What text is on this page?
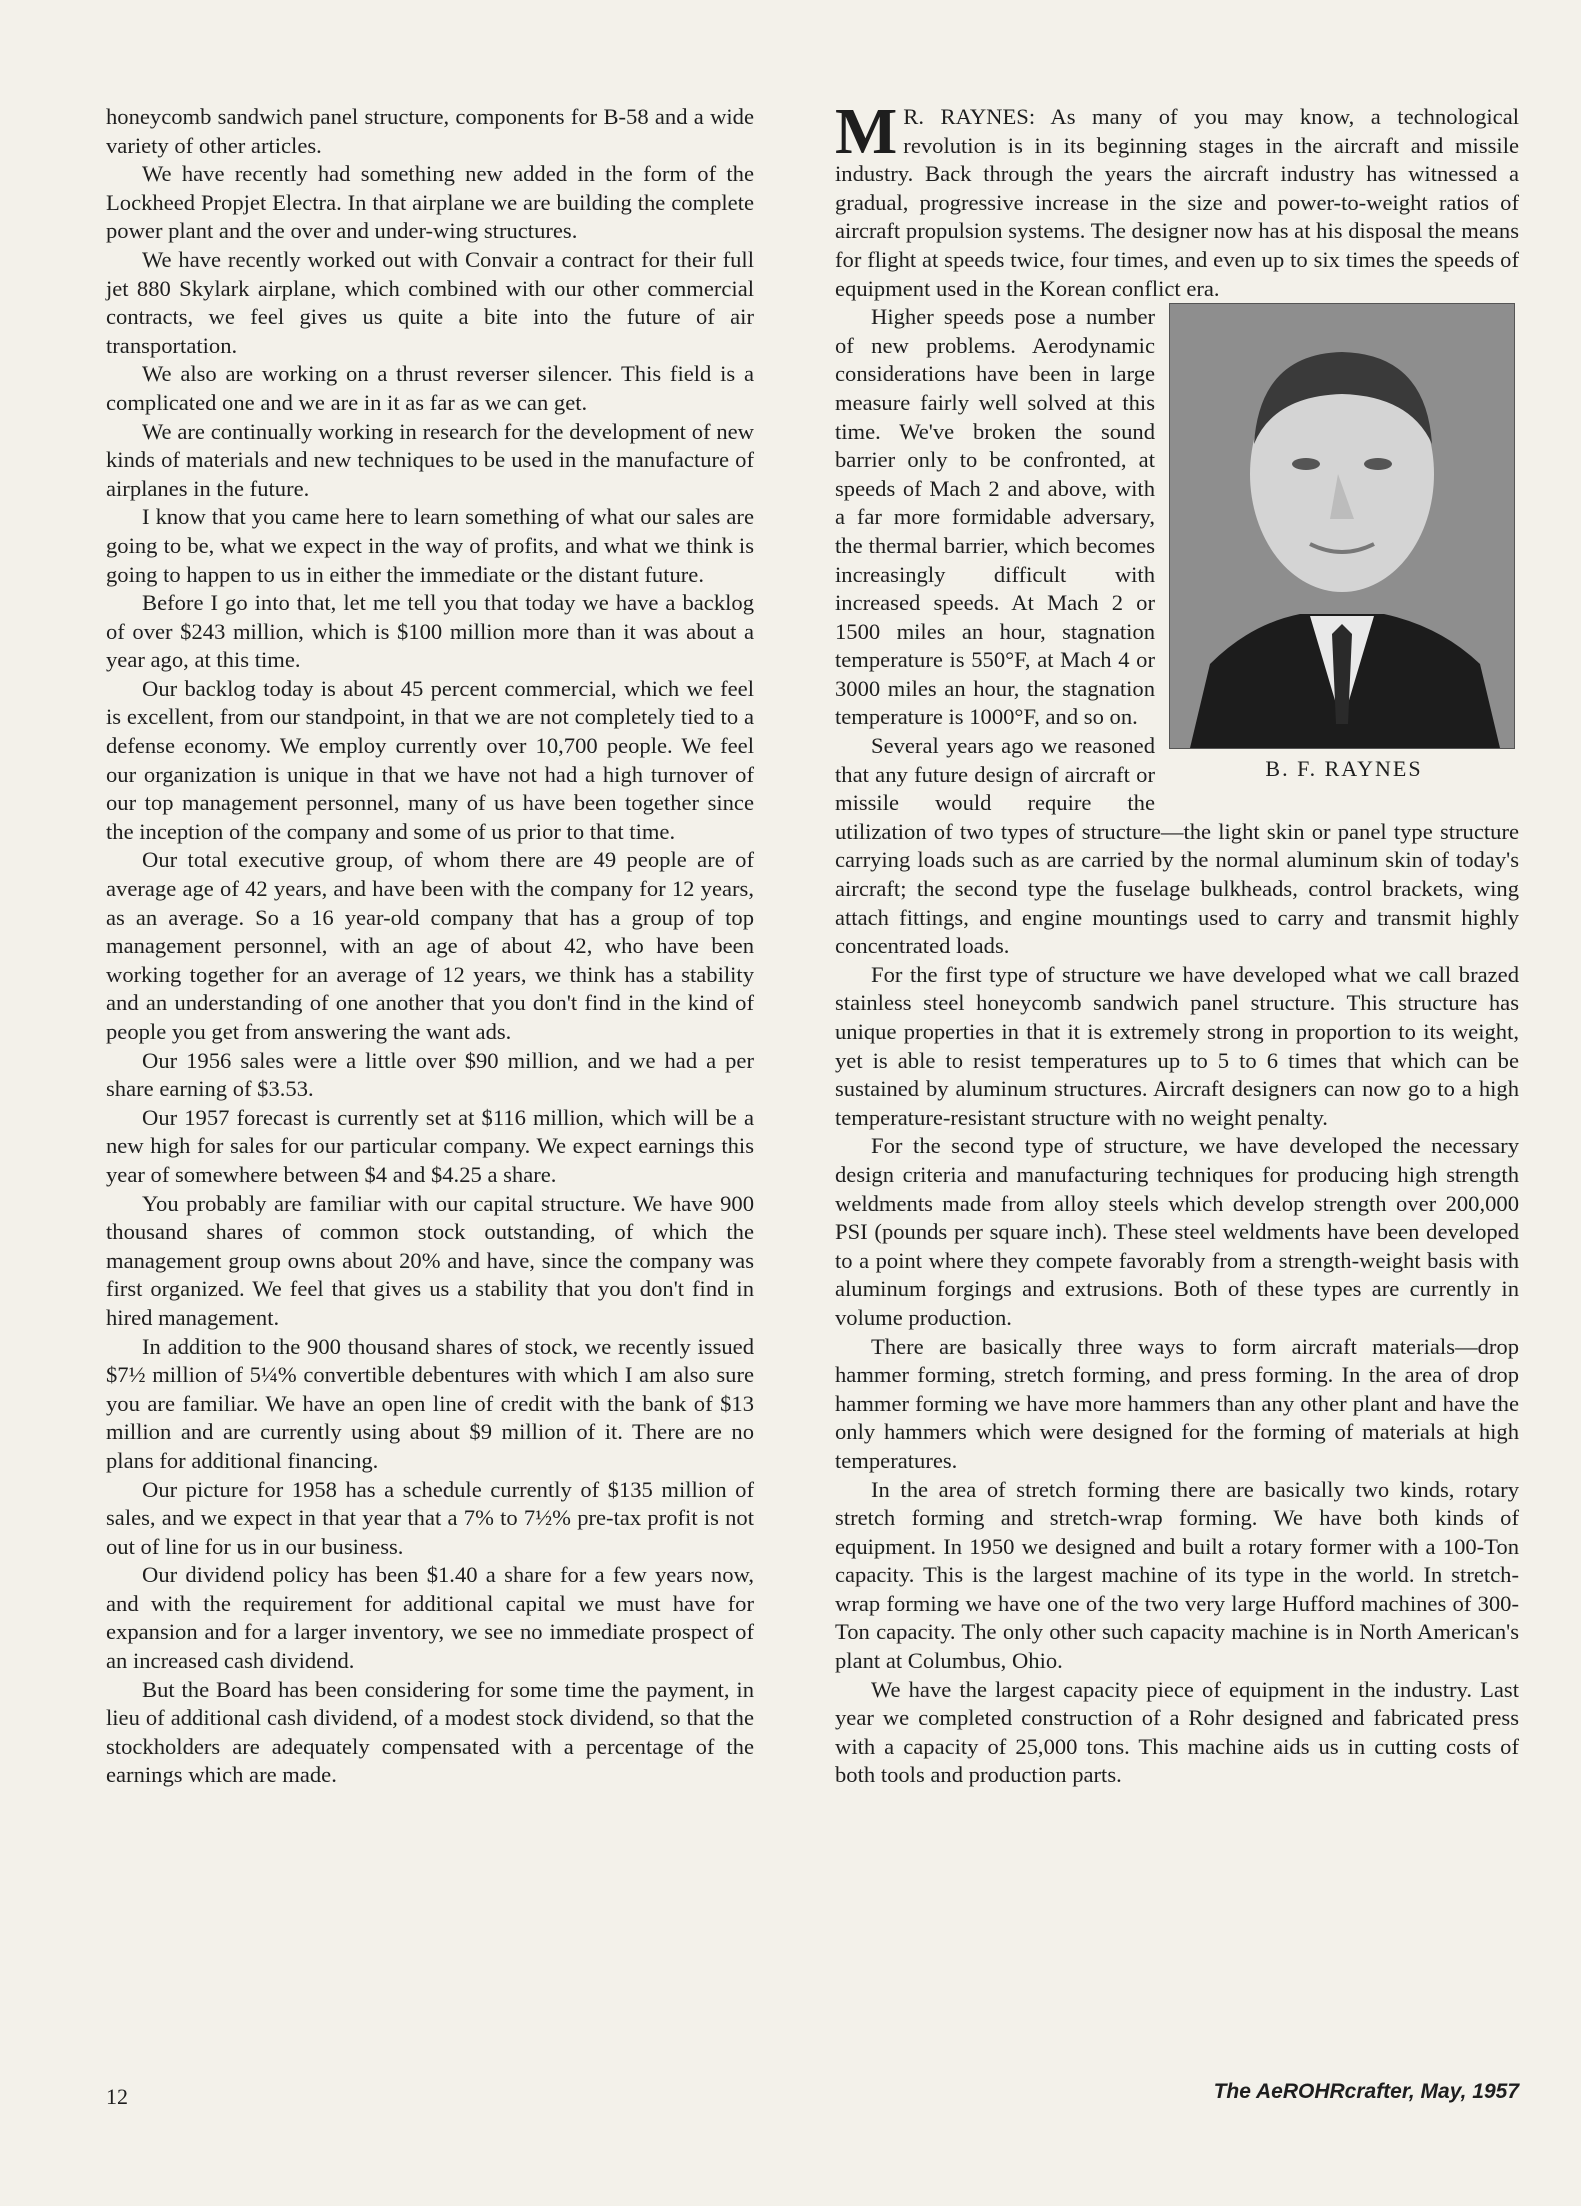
honeycomb sandwich panel structure, components for B-58 and a wide variety of other articles.

We have recently had something new added in the form of the Lockheed Propjet Electra. In that airplane we are building the complete power plant and the over and under-wing structures.

We have recently worked out with Convair a contract for their full jet 880 Skylark airplane, which combined with our other commercial contracts, we feel gives us quite a bite into the future of air transportation.

We also are working on a thrust reverser silencer. This field is a complicated one and we are in it as far as we can get.

We are continually working in research for the development of new kinds of materials and new techniques to be used in the manufacture of airplanes in the future.

I know that you came here to learn something of what our sales are going to be, what we expect in the way of profits, and what we think is going to happen to us in either the immediate or the distant future.

Before I go into that, let me tell you that today we have a backlog of over $243 million, which is $100 million more than it was about a year ago, at this time.

Our backlog today is about 45 percent commercial, which we feel is excellent, from our standpoint, in that we are not completely tied to a defense economy. We employ currently over 10,700 people. We feel our organization is unique in that we have not had a high turnover of our top management personnel, many of us have been together since the inception of the company and some of us prior to that time.

Our total executive group, of whom there are 49 people are of average age of 42 years, and have been with the company for 12 years, as an average. So a 16 year-old company that has a group of top management personnel, with an age of about 42, who have been working together for an average of 12 years, we think has a stability and an understanding of one another that you don't find in the kind of people you get from answering the want ads.

Our 1956 sales were a little over $90 million, and we had a per share earning of $3.53.

Our 1957 forecast is currently set at $116 million, which will be a new high for sales for our particular company. We expect earnings this year of somewhere between $4 and $4.25 a share.

You probably are familiar with our capital structure. We have 900 thousand shares of common stock outstanding, of which the management group owns about 20% and have, since the company was first organized. We feel that gives us a stability that you don't find in hired management.

In addition to the 900 thousand shares of stock, we recently issued $7½ million of 5¼% convertible debentures with which I am also sure you are familiar. We have an open line of credit with the bank of $13 million and are currently using about $9 million of it. There are no plans for additional financing.

Our picture for 1958 has a schedule currently of $135 million of sales, and we expect in that year that a 7% to 7½% pre-tax profit is not out of line for us in our business.

Our dividend policy has been $1.40 a share for a few years now, and with the requirement for additional capital we must have for expansion and for a larger inventory, we see no immediate prospect of an increased cash dividend.

But the Board has been considering for some time the payment, in lieu of additional cash dividend, of a modest stock dividend, so that the stockholders are adequately compensated with a percentage of the earnings which are made.

M R. RAYNES: As many of you may know, a technological revolution is in its beginning stages in the aircraft and missile industry. Back through the years the aircraft industry has witnessed a gradual, progressive increase in the size and power-to-weight ratios of aircraft propulsion systems. The designer now has at his disposal the means for flight at speeds twice, four times, and even up to six times the speeds of equipment used in the Korean conflict era.

B. F. RAYNES

Higher speeds pose a number of new problems. Aerodynamic considerations have been in large measure fairly well solved at this time. We've broken the sound barrier only to be confronted, at speeds of Mach 2 and above, with a far more formidable adversary, the thermal barrier, which becomes increasingly difficult with increased speeds. At Mach 2 or 1500 miles an hour, stagnation temperature is 550°F, at Mach 4 or 3000 miles an hour, the stagnation temperature is 1000°F, and so on.

Several years ago we reasoned that any future design of aircraft or missile would require the utilization of two types of structure—the light skin or panel type structure carrying loads such as are carried by the normal aluminum skin of today's aircraft; the second type the fuselage bulkheads, control brackets, wing attach fittings, and engine mountings used to carry and transmit highly concentrated loads.

For the first type of structure we have developed what we call brazed stainless steel honeycomb sandwich panel structure. This structure has unique properties in that it is extremely strong in proportion to its weight, yet is able to resist temperatures up to 5 to 6 times that which can be sustained by aluminum structures. Aircraft designers can now go to a high temperature-resistant structure with no weight penalty.

For the second type of structure, we have developed the necessary design criteria and manufacturing techniques for producing high strength weldments made from alloy steels which develop strength over 200,000 PSI (pounds per square inch). These steel weldments have been developed to a point where they compete favorably from a strength-weight basis with aluminum forgings and extrusions. Both of these types are currently in volume production.

There are basically three ways to form aircraft materials—drop hammer forming, stretch forming, and press forming. In the area of drop hammer forming we have more hammers than any other plant and have the only hammers which were designed for the forming of materials at high temperatures.

In the area of stretch forming there are basically two kinds, rotary stretch forming and stretch-wrap forming. We have both kinds of equipment. In 1950 we designed and built a rotary former with a 100-Ton capacity. This is the largest machine of its type in the world. In stretch-wrap forming we have one of the two very large Hufford machines of 300-Ton capacity. The only other such capacity machine is in North American's plant at Columbus, Ohio.

We have the largest capacity piece of equipment in the industry. Last year we completed construction of a Rohr designed and fabricated press with a capacity of 25,000 tons. This machine aids us in cutting costs of both tools and production parts.

12	The AeROHRcrafter, May, 1957
